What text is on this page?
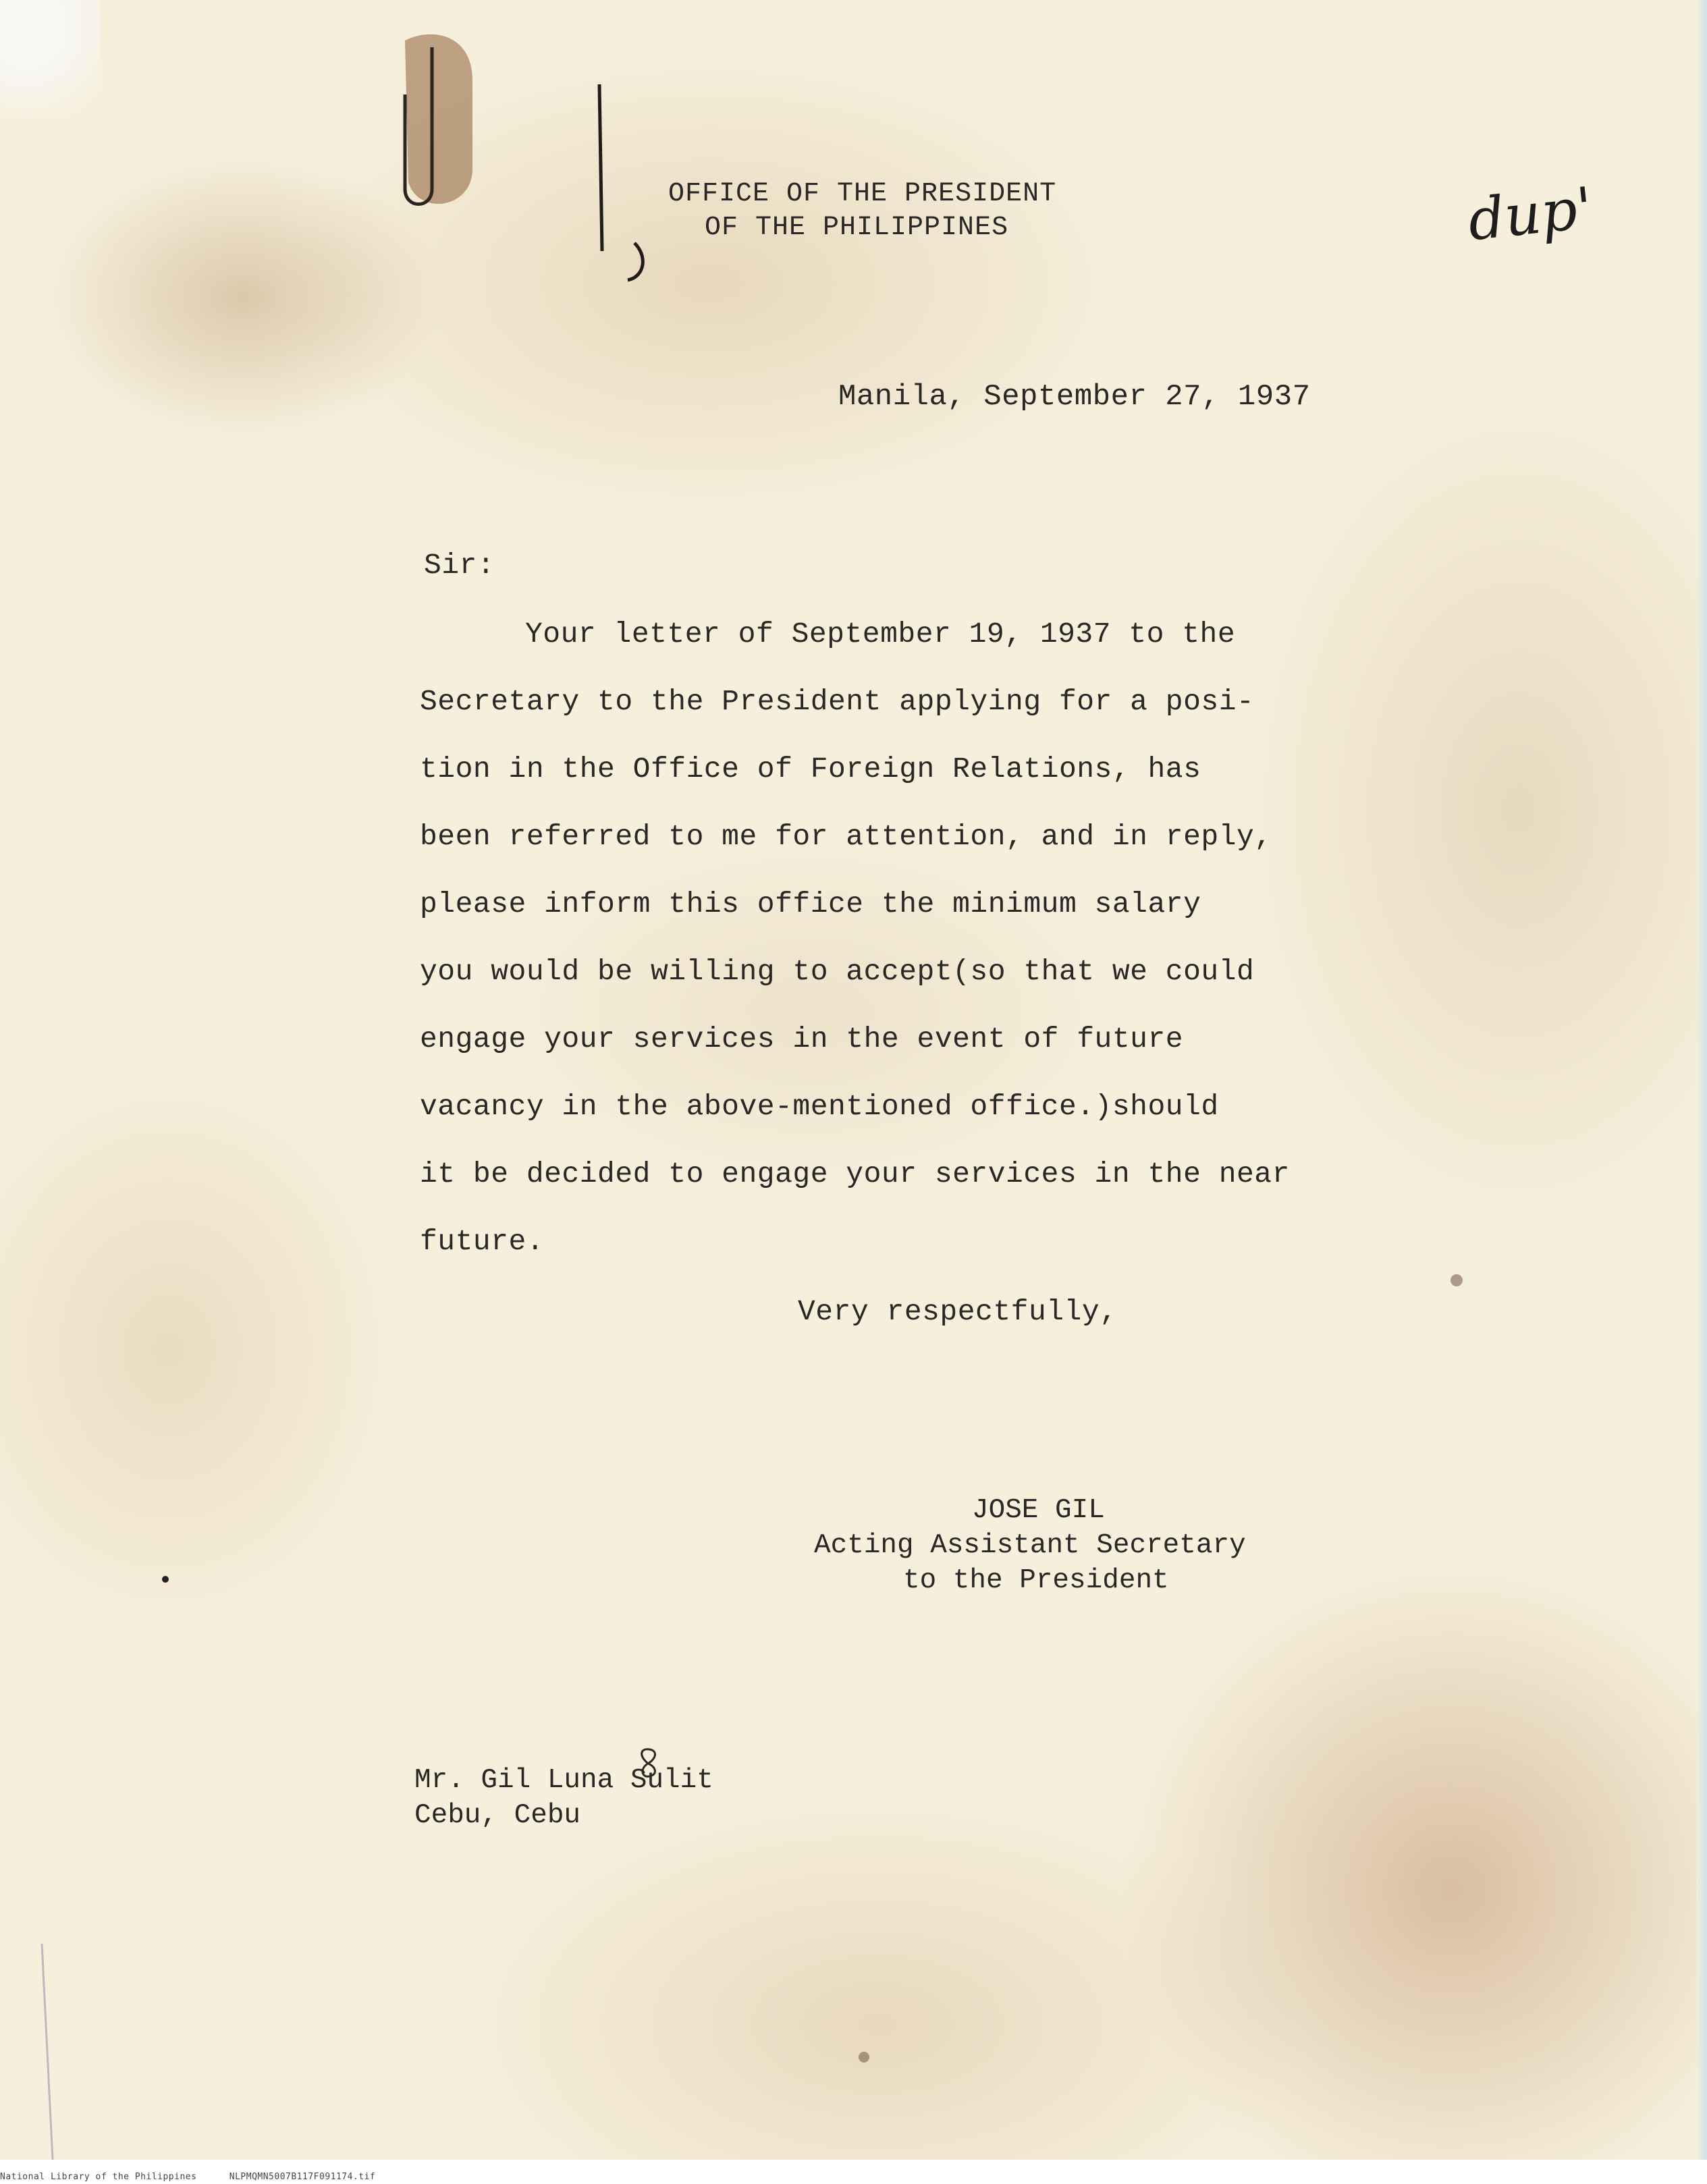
OFFICE OF THE PRESIDENT
OF THE PHILIPPINES	dup'
Manila, September 27, 1937
Sir:
Your letter of September 19, 1937 to the
Secretary to the President applying for a posi-
tion in the Office of Foreign Relations, has
been referred to me for attention, and in reply,
please inform this office the minimum salary
you would be willing to accept(so that we could
engage your services in the event of future
vacancy in the above-mentioned office.)should
it be decided to engage your services in the near
future.
Very respectfully,
JOSE GIL
Acting Assistant Secretary
to the President
Mr. Gil Luna Sulit
Cebu, Cebu
National Library of the Philippines	NLPMQMN5007B117F091174.tif
